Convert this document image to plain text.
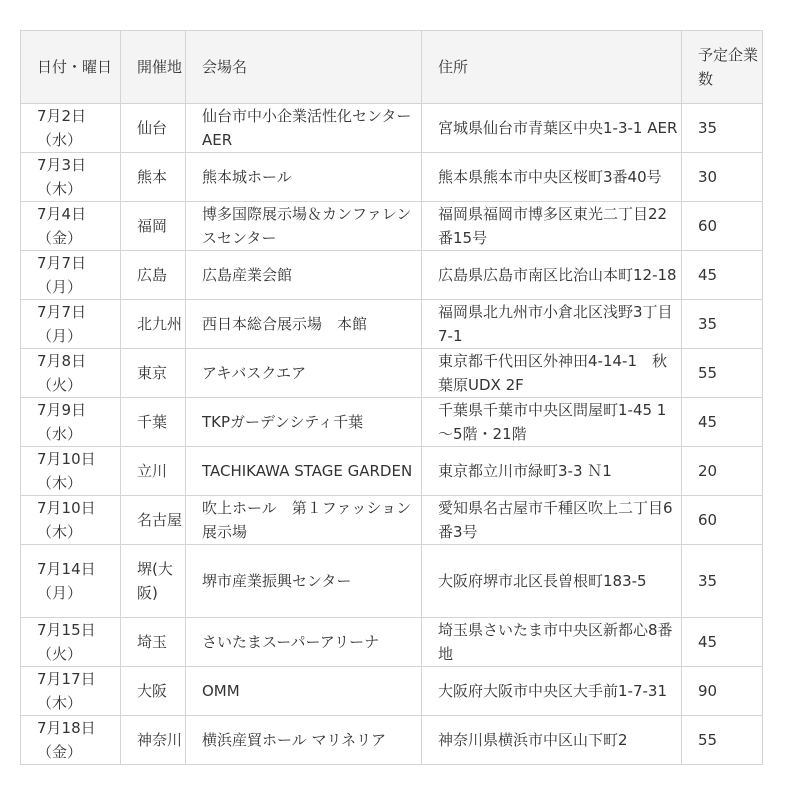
日付・曜日	開催地	会場名	住所	予定企業数
7月2日
（水）	仙台	仙台市中小企業活性化センター　AER	宮城県仙台市青葉区中央1-3-1 AER	35
7月3日
（木）	熊本	熊本城ホール	熊本県熊本市中央区桜町3番40号	30
7月4日
（金）	福岡	博多国際展示場＆カンファレンスセンター	福岡県福岡市博多区東光二丁目22番15号	60
7月7日
（月）	広島	広島産業会館	広島県広島市南区比治山本町12-18	45
7月7日
（月）	北九州	西日本総合展示場　本館	福岡県北九州市小倉北区浅野3丁目7-1	35
7月8日
（火）	東京	アキバスクエア	東京都千代田区外神田4-14-1　秋葉原UDX 2F	55
7月9日
（水）	千葉	TKPガーデンシティ千葉	千葉県千葉市中央区問屋町1-45 1～5階・21階	45
7月10日
（木）	立川	TACHIKAWA STAGE GARDEN	東京都立川市緑町3-3 Ｎ1	20
7月10日
（木）	名古屋	吹上ホール　第１ファッション展示場	愛知県名古屋市千種区吹上二丁目6番3号	60
7月14日
（月）	堺(大阪)	堺市産業振興センター	大阪府堺市北区長曽根町183-5	35
7月15日
（火）	埼玉	さいたまスーパーアリーナ	埼玉県さいたま市中央区新都心8番地	45
7月17日
（木）	大阪	OMM	大阪府大阪市中央区大手前1-7-31	90
7月18日
（金）	神奈川	横浜産貿ホール マリネリア	神奈川県横浜市中区山下町2	55
